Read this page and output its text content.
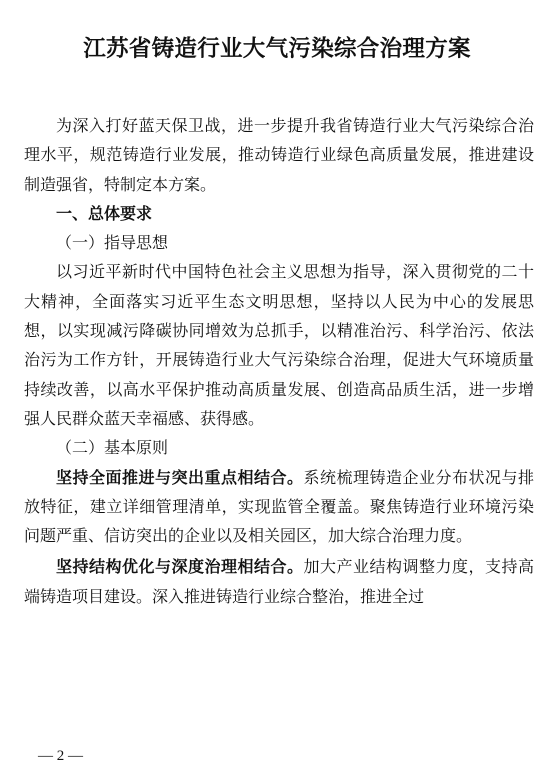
江苏省铸造行业大气污染综合治理方案

为深入打好蓝天保卫战，进一步提升我省铸造行业大气污染综合治理水平，规范铸造行业发展，推动铸造行业绿色高质量发展，推进建设制造强省，特制定本方案。

一、总体要求

（一）指导思想

以习近平新时代中国特色社会主义思想为指导，深入贯彻党的二十大精神，全面落实习近平生态文明思想，坚持以人民为中心的发展思想，以实现减污降碳协同增效为总抓手，以精准治污、科学治污、依法治污为工作方针，开展铸造行业大气污染综合治理，促进大气环境质量持续改善，以高水平保护推动高质量发展、创造高品质生活，进一步增强人民群众蓝天幸福感、获得感。

（二）基本原则

坚持全面推进与突出重点相结合。系统梳理铸造企业分布状况与排放特征，建立详细管理清单，实现监管全覆盖。聚焦铸造行业环境污染问题严重、信访突出的企业以及相关园区，加大综合治理力度。

坚持结构优化与深度治理相结合。加大产业结构调整力度，支持高端铸造项目建设。深入推进铸造行业综合整治，推进全过

— 2 —
